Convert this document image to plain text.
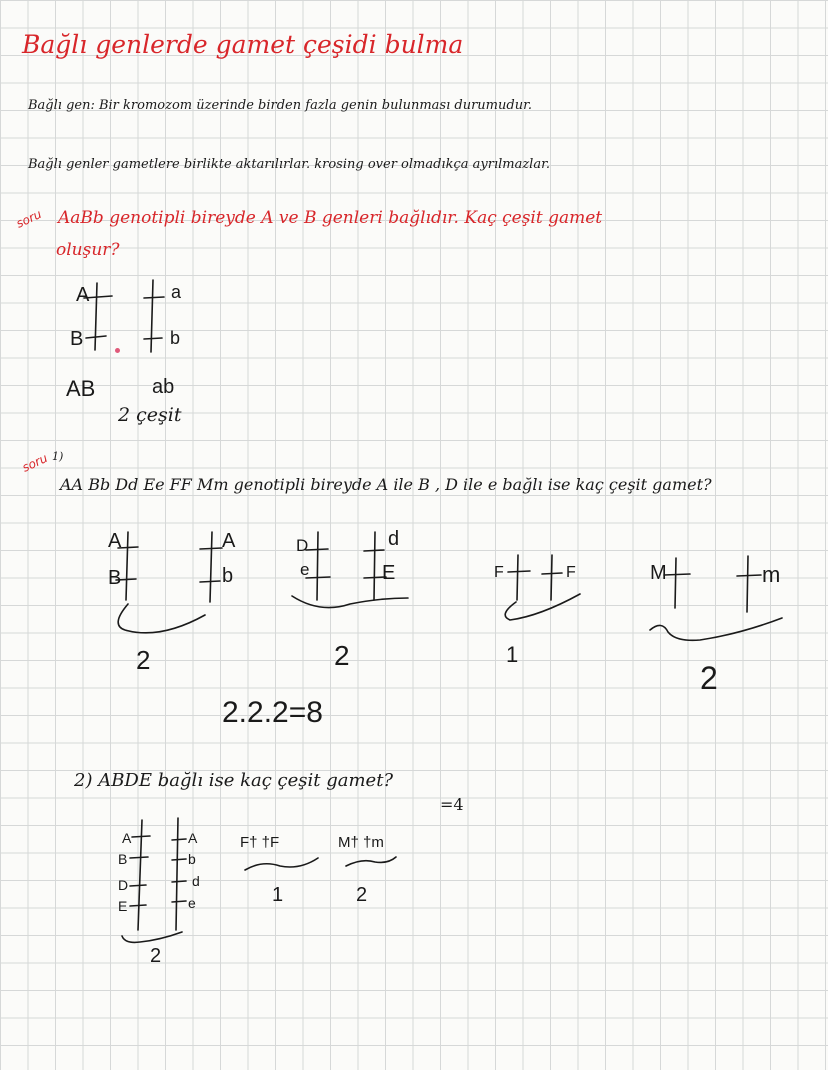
Bağlı genlerde gamet çeşidi bulma
Bağlı gen: Bir kromozom üzerinde birden fazla genin bulunması durumudur.
Bağlı genler gametlere birlikte aktarılırlar. krosing over olmadıkça ayrılmazlar.
soru AaBb genotipli bireyde A ve B genleri bağlıdır. Kaç çeşit gamet
oluşur?
A
B
a
b
AB	ab
2 çeşit
soru 1)
AA Bb Dd Ee FF Mm genotipli bireyde A ile B , D ile e bağlı ise kaç çeşit gamet?
A
B
A
b
2
D
e
d
E
2
F	F
1
M	m
2
2.2.2=8
2) ABDE bağlı ise kaç çeşit gamet?
=4
A
B
D
E
A
b
d
e
F† †F	M† †m
2
1	2
